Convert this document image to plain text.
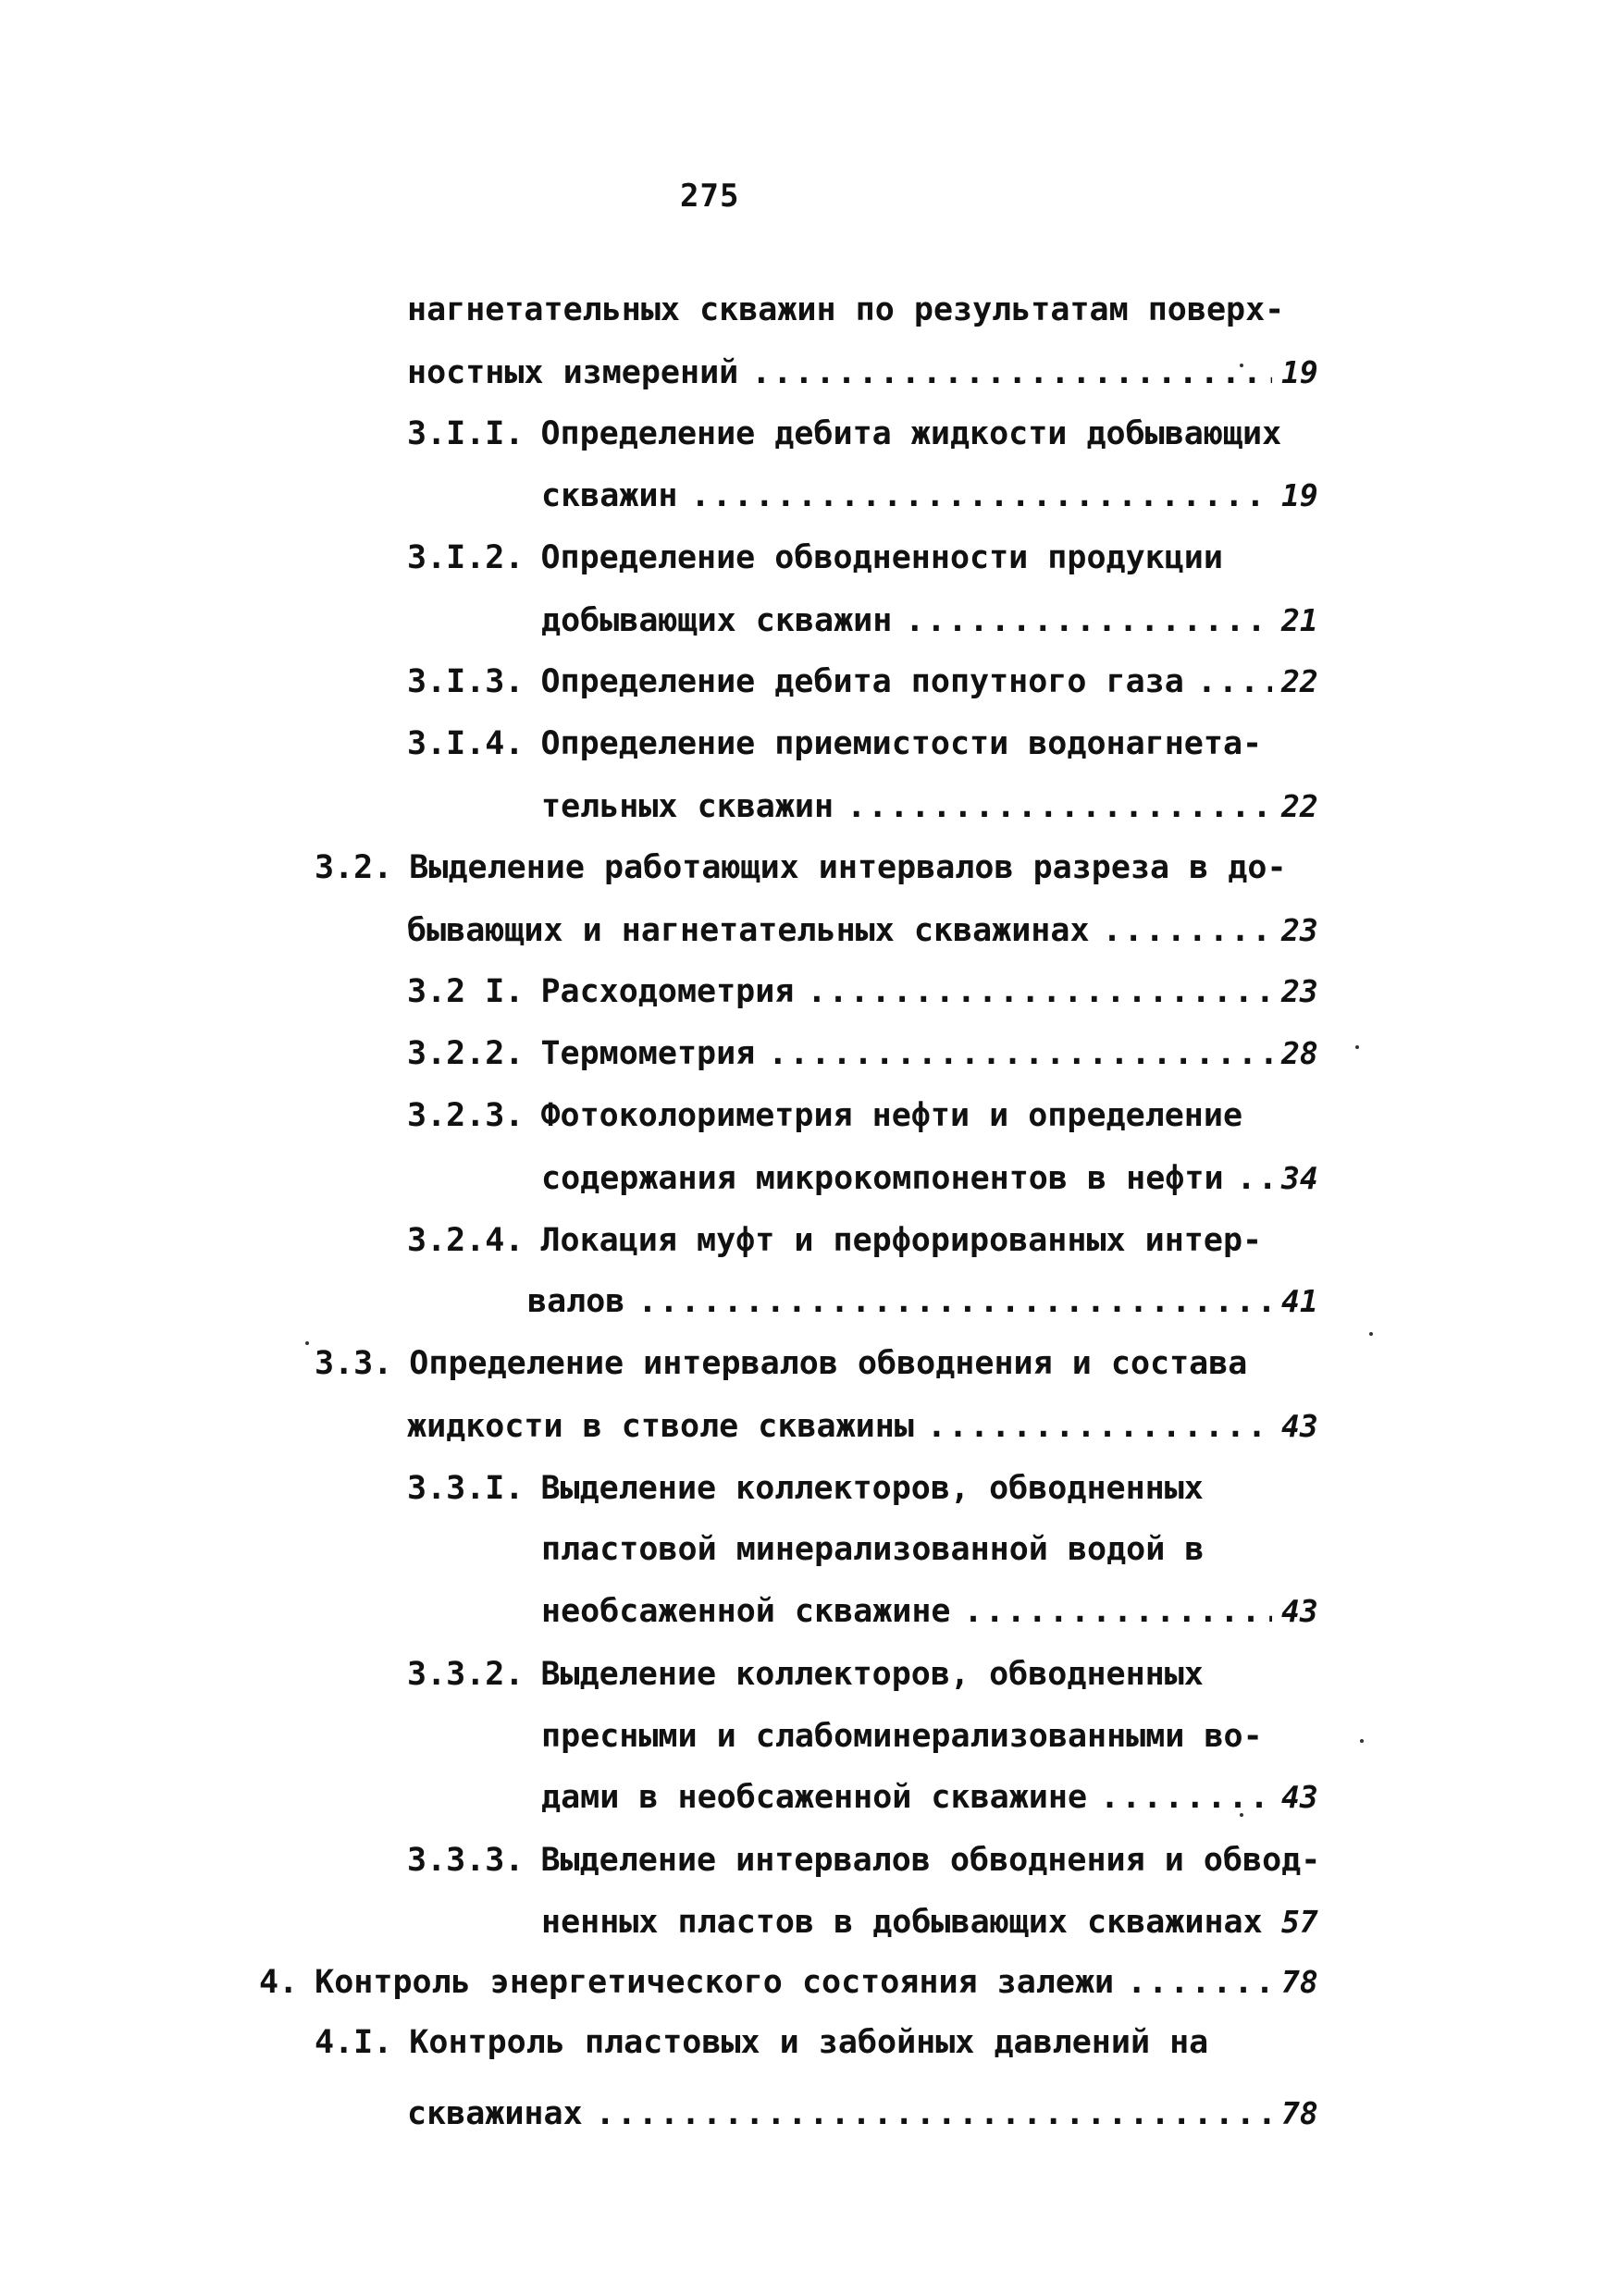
275
нагнетательных скважин по результатам поверх-
ностных измерений .....	19
3.I.I. Определение дебита жидкости добывающих
скважин .....	19
3.I.2. Определение обводненности продукции
добывающих скважин .....	21
3.I.3. Определение дебита попутного газа .....	22
3.I.4. Определение приемистости водонагнета-
тельных скважин .....	22
3.2. Выделение работающих интервалов разреза в до-
бывающих и нагнетательных скважинах .....	23
3.2 I. Расходометрия .....	23
3.2.2. Термометрия .....	28
3.2.3. Фотоколориметрия нефти и определение
содержания микрокомпонентов в нефти ..... 34
3.2.4. Локация муфт и перфорированных интер-
валов .....	41
3.3. Определение интервалов обводнения и состава
жидкости в стволе скважины .....	43
3.3.I. Выделение коллекторов, обводненных
пластовой минерализованной водой в
необсаженной скважине .....	43
3.3.2. Выделение коллекторов, обводненных
пресными и слабоминерализованными во-
дами в необсаженной скважине .....	43
3.3.3. Выделение интервалов обводнения и обвод-
ненных пластов в добывающих скважинах 57
4. Контроль энергетического состояния залежи .....	78
4.I. Контроль пластовых и забойных давлений на
скважинах .....	78
